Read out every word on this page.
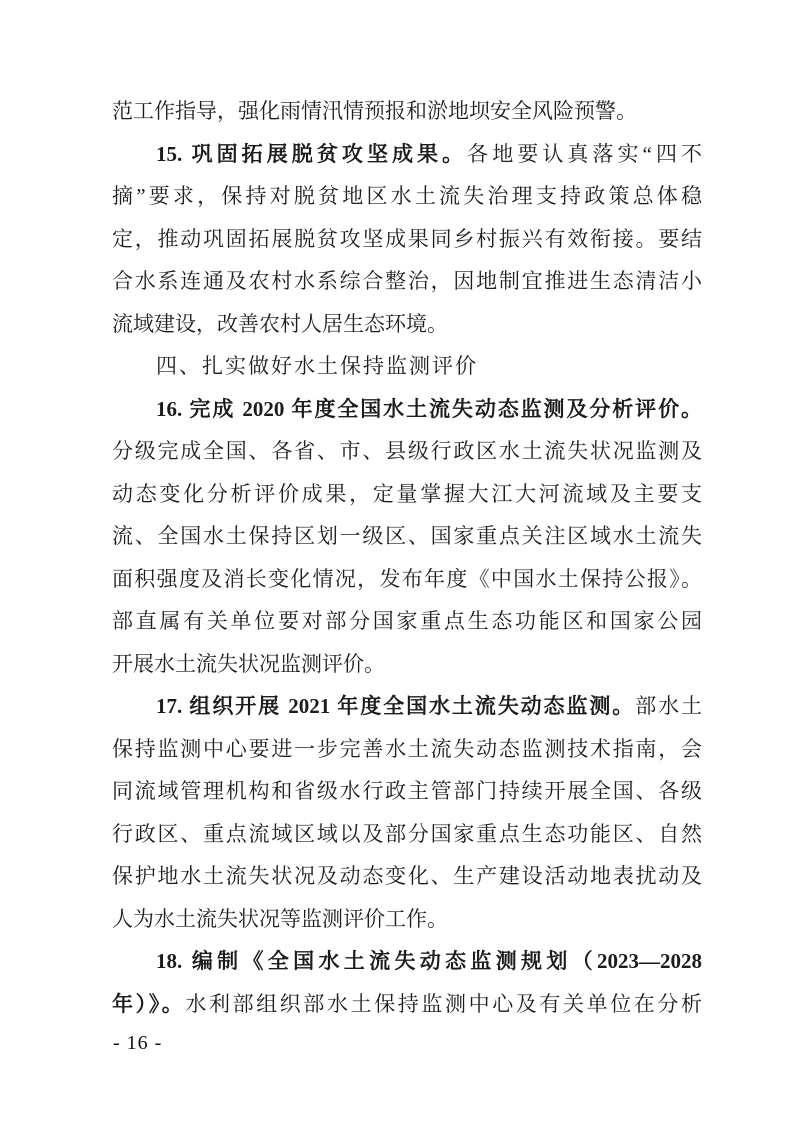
范工作指导，强化雨情汛情预报和淤地坝安全风险预警。
15. 巩固拓展脱贫攻坚成果。各地要认真落实“四不
摘”要求，保持对脱贫地区水土流失治理支持政策总体稳
定，推动巩固拓展脱贫攻坚成果同乡村振兴有效衔接。要结
合水系连通及农村水系综合整治，因地制宜推进生态清洁小
流域建设，改善农村人居生态环境。
四、扎实做好水土保持监测评价
16. 完成 2020 年度全国水土流失动态监测及分析评价。
分级完成全国、各省、市、县级行政区水土流失状况监测及
动态变化分析评价成果，定量掌握大江大河流域及主要支
流、全国水土保持区划一级区、国家重点关注区域水土流失
面积强度及消长变化情况，发布年度《中国水土保持公报》。
部直属有关单位要对部分国家重点生态功能区和国家公园
开展水土流失状况监测评价。
17. 组织开展 2021 年度全国水土流失动态监测。部水土
保持监测中心要进一步完善水土流失动态监测技术指南，会
同流域管理机构和省级水行政主管部门持续开展全国、各级
行政区、重点流域区域以及部分国家重点生态功能区、自然
保护地水土流失状况及动态变化、生产建设活动地表扰动及
人为水土流失状况等监测评价工作。
18. 编制《全国水土流失动态监测规划（2023—2028
年）》。水利部组织部水土保持监测中心及有关单位在分析
- 16 -
